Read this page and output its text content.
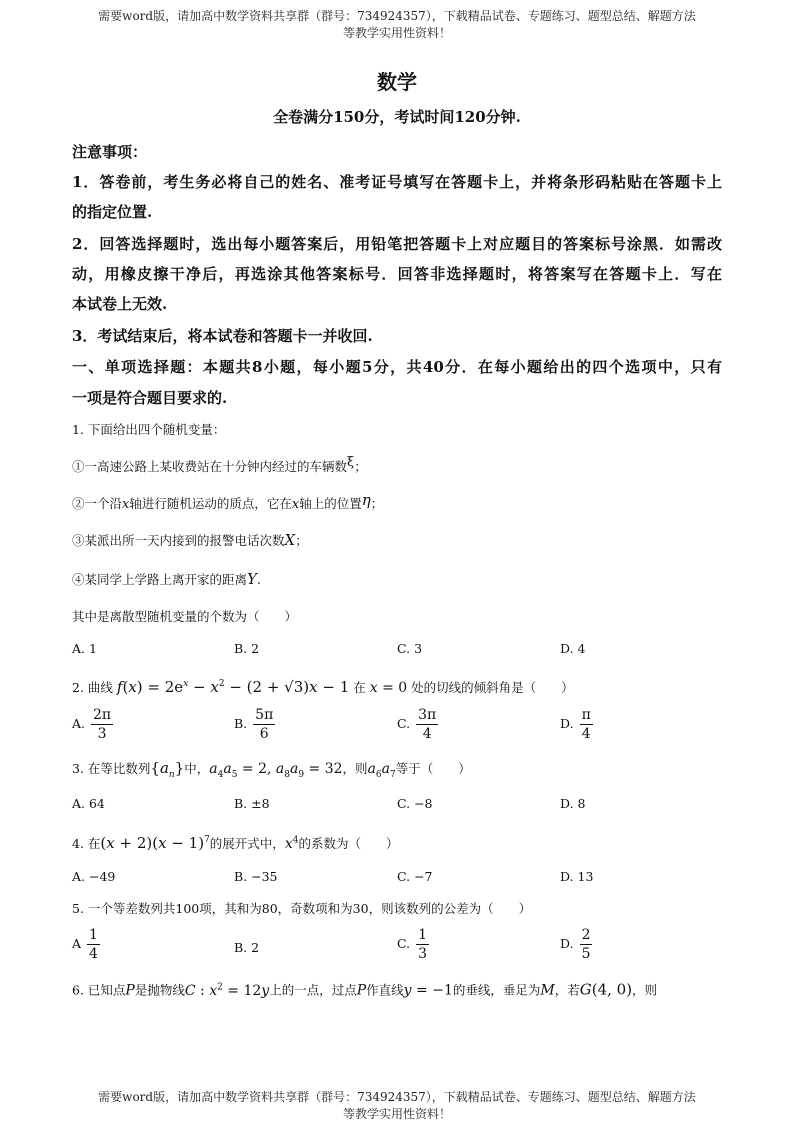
需要word版，请加高中数学资料共享群（群号：734924357），下载精品试卷、专题练习、题型总结、解题方法
等教学实用性资料！
数学
全卷满分150分，考试时间120分钟.
注意事项：
1．答卷前，考生务必将自己的姓名、准考证号填写在答题卡上，并将条形码粘贴在答题卡上
的指定位置.
2．回答选择题时，选出每小题答案后，用铅笔把答题卡上对应题目的答案标号涂黑．如需改
动，用橡皮擦干净后，再选涂其他答案标号．回答非选择题时，将答案写在答题卡上．写在
本试卷上无效.
3．考试结束后，将本试卷和答题卡一并收回.
一、单项选择题：本题共8小题，每小题5分，共40分．在每小题给出的四个选项中，只有
一项是符合题目要求的.
1. 下面给出四个随机变量：
①一高速公路上某收费站在十分钟内经过的车辆数ξ；
②一个沿x轴进行随机运动的质点，它在x轴上的位置η；
③某派出所一天内接到的报警电话次数X；
④某同学上学路上离开家的距离Y.
其中是离散型随机变量的个数为（　　）
A. 1	B. 2	C. 3	D. 4
2. 曲线 $f(x) = 2e^x - x^2 - (2 + √3)x - 1$ 在 x = 0 处的切线的倾斜角是（　　）
A. $\frac{2\pi}{3}$	B. $\frac{5\pi}{6}$	C. $\frac{3\pi}{4}$	D. $\frac{\pi}{4}$
3. 在等比数列$\{a_n\}$中，$a_4a_5 = 2$, $a_8a_9 = 32$，则$a_6a_7$等于（　　）
A. 64	B. ±8	C. −8	D. 8
4. 在$(x + 2)(x - 1)^7$的展开式中，$x^4$的系数为（　　）
A. −49	B. −35	C. −7	D. 13
5. 一个等差数列共100项，其和为80，奇数项和为30，则该数列的公差为（　　）
A $\frac{1}{4}$	B. 2	C. $\frac{1}{3}$	D. $\frac{2}{5}$
6. 已知点P是抛物线C : $x^2 = 12y$上的一点，过点P作直线y = −1的垂线，垂足为M，若G(4, 0)，则
需要word版，请加高中数学资料共享群（群号：734924357），下载精品试卷、专题练习、题型总结、解题方法
等教学实用性资料！
